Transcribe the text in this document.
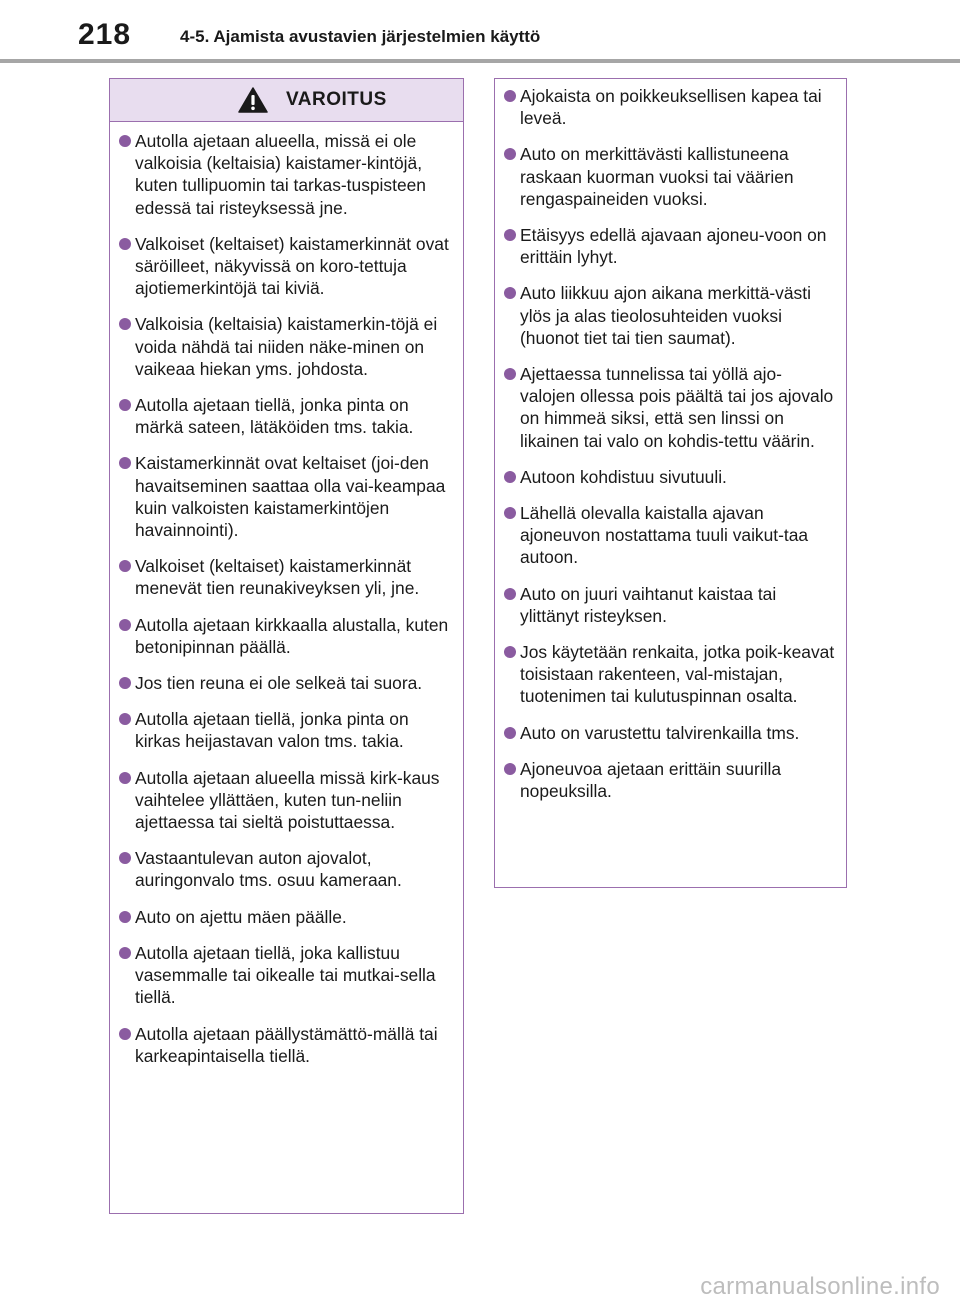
218	4-5. Ajamista avustavien järjestelmien käyttö
VAROITUS
Autolla ajetaan alueella, missä ei ole valkoisia (keltaisia) kaistamer-kintöjä, kuten tullipuomin tai tarkas-tuspisteen edessä tai risteyksessä jne.
Valkoiset (keltaiset) kaistamerkinnät ovat säröilleet, näkyvissä on koro-tettuja ajotiemerkintöjä tai kiviä.
Valkoisia (keltaisia) kaistamerkin-töjä ei voida nähdä tai niiden näke-minen on vaikeaa hiekan yms. johdosta.
Autolla ajetaan tiellä, jonka pinta on märkä sateen, lätäköiden tms. takia.
Kaistamerkinnät ovat keltaiset (joi-den havaitseminen saattaa olla vai-keampaa kuin valkoisten kaistamerkintöjen havainnointi).
Valkoiset (keltaiset) kaistamerkinnät menevät tien reunakiveyksen yli, jne.
Autolla ajetaan kirkkaalla alustalla, kuten betonipinnan päällä.
Jos tien reuna ei ole selkeä tai suora.
Autolla ajetaan tiellä, jonka pinta on kirkas heijastavan valon tms. takia.
Autolla ajetaan alueella missä kirk-kaus vaihtelee yllättäen, kuten tun-neliin ajettaessa tai sieltä poistuttaessa.
Vastaantulevan auton ajovalot, auringonvalo tms. osuu kameraan.
Auto on ajettu mäen päälle.
Autolla ajetaan tiellä, joka kallistuu vasemmalle tai oikealle tai mutkai-sella tiellä.
Autolla ajetaan päällystämättö-mällä tai karkeapintaisella tiellä.
Ajokaista on poikkeuksellisen kapea tai leveä.
Auto on merkittävästi kallistuneena raskaan kuorman vuoksi tai väärien rengaspaineiden vuoksi.
Etäisyys edellä ajavaan ajoneu-voon on erittäin lyhyt.
Auto liikkuu ajon aikana merkittä-västi ylös ja alas tieolosuhteiden vuoksi (huonot tiet tai tien saumat).
Ajettaessa tunnelissa tai yöllä ajo-valojen ollessa pois päältä tai jos ajovalo on himmeä siksi, että sen linssi on likainen tai valo on kohdis-tettu väärin.
Autoon kohdistuu sivutuuli.
Lähellä olevalla kaistalla ajavan ajoneuvon nostattama tuuli vaikut-taa autoon.
Auto on juuri vaihtanut kaistaa tai ylittänyt risteyksen.
Jos käytetään renkaita, jotka poik-keavat toisistaan rakenteen, val-mistajan, tuotenimen tai kulutuspinnan osalta.
Auto on varustettu talvirenkailla tms.
Ajoneuvoa ajetaan erittäin suurilla nopeuksilla.
carmanualsonline.info
